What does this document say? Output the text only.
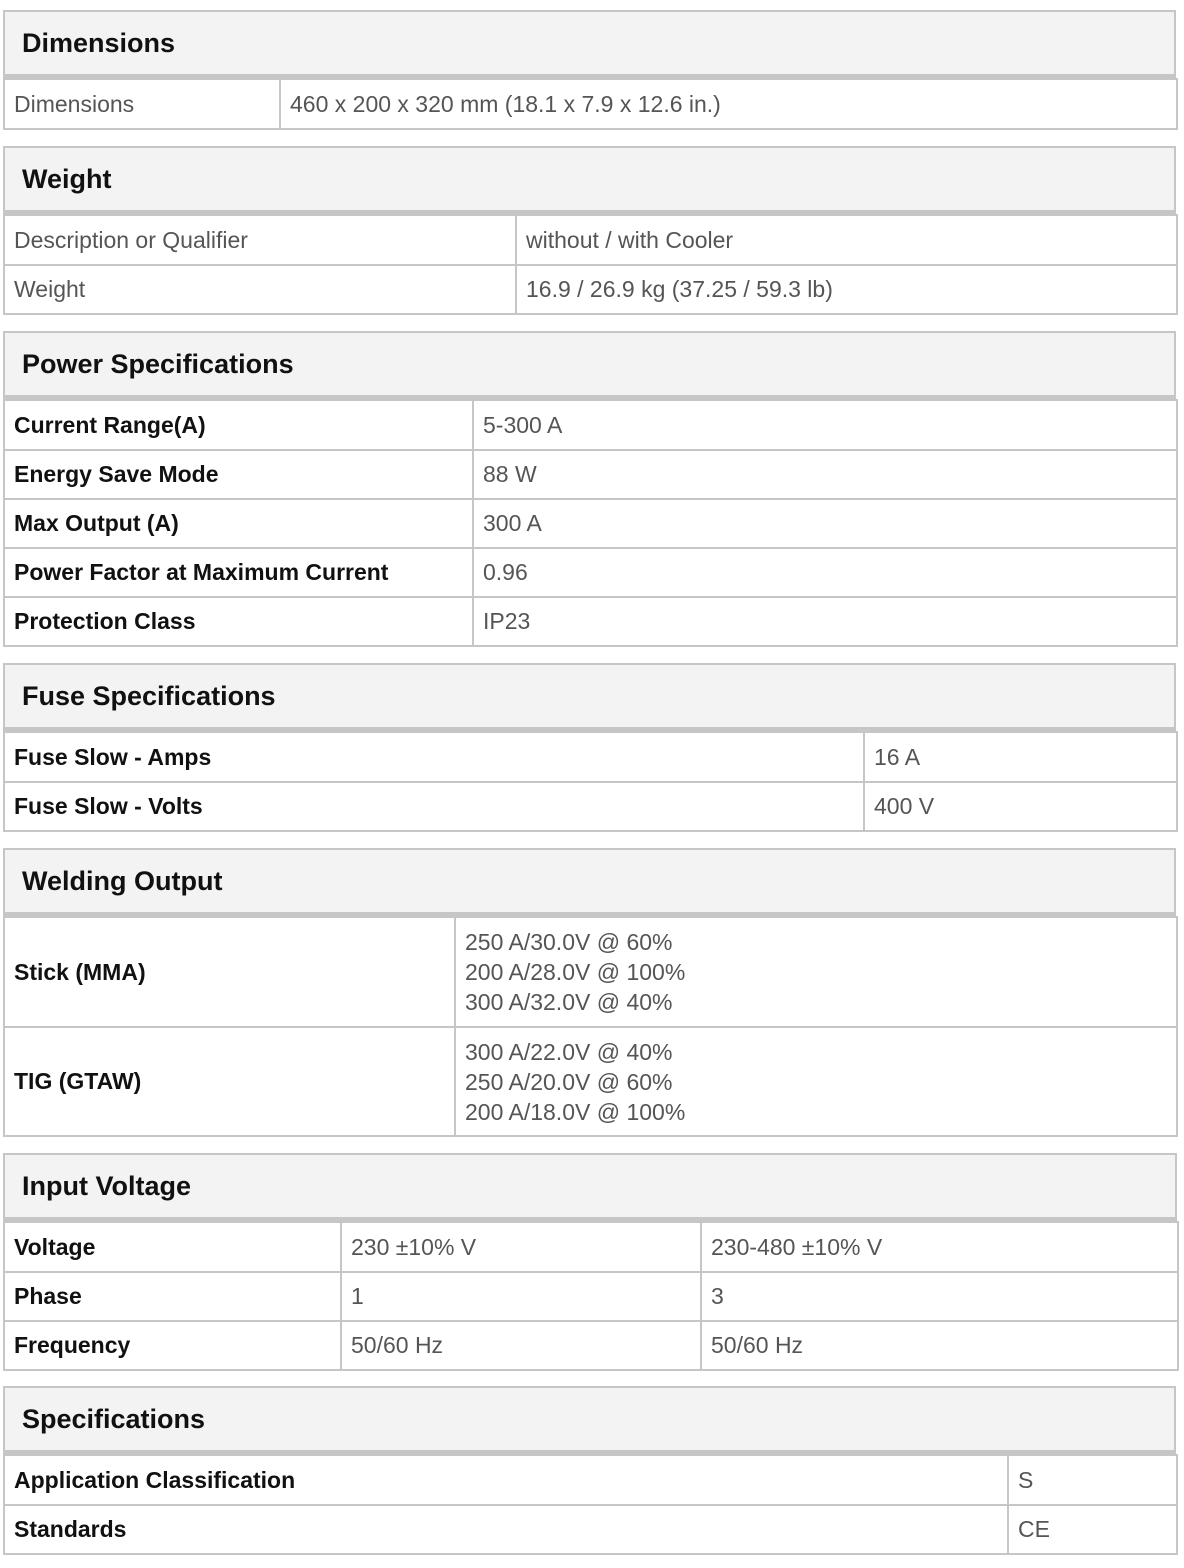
Dimensions
Dimensions	460 x 200 x 320 mm (18.1 x 7.9 x 12.6 in.)
Weight
Description or Qualifier	without / with Cooler
Weight	16.9 / 26.9 kg (37.25 / 59.3 lb)
Power Specifications
Current Range(A)	5-300 A
Energy Save Mode	88 W
Max Output (A)	300 A
Power Factor at Maximum Current	0.96
Protection Class	IP23
Fuse Specifications
Fuse Slow - Amps	16 A
Fuse Slow - Volts	400 V
Welding Output
Stick (MMA)	250 A/30.0V @ 60%
200 A/28.0V @ 100%
300 A/32.0V @ 40%

TIG (GTAW)	300 A/22.0V @ 40%
250 A/20.0V @ 60%
200 A/18.0V @ 100%
Input Voltage
Voltage	230 ±10% V	230-480 ±10% V
Phase	1	3
Frequency	50/60 Hz	50/60 Hz
Specifications
Application Classification	S
Standards	CE
